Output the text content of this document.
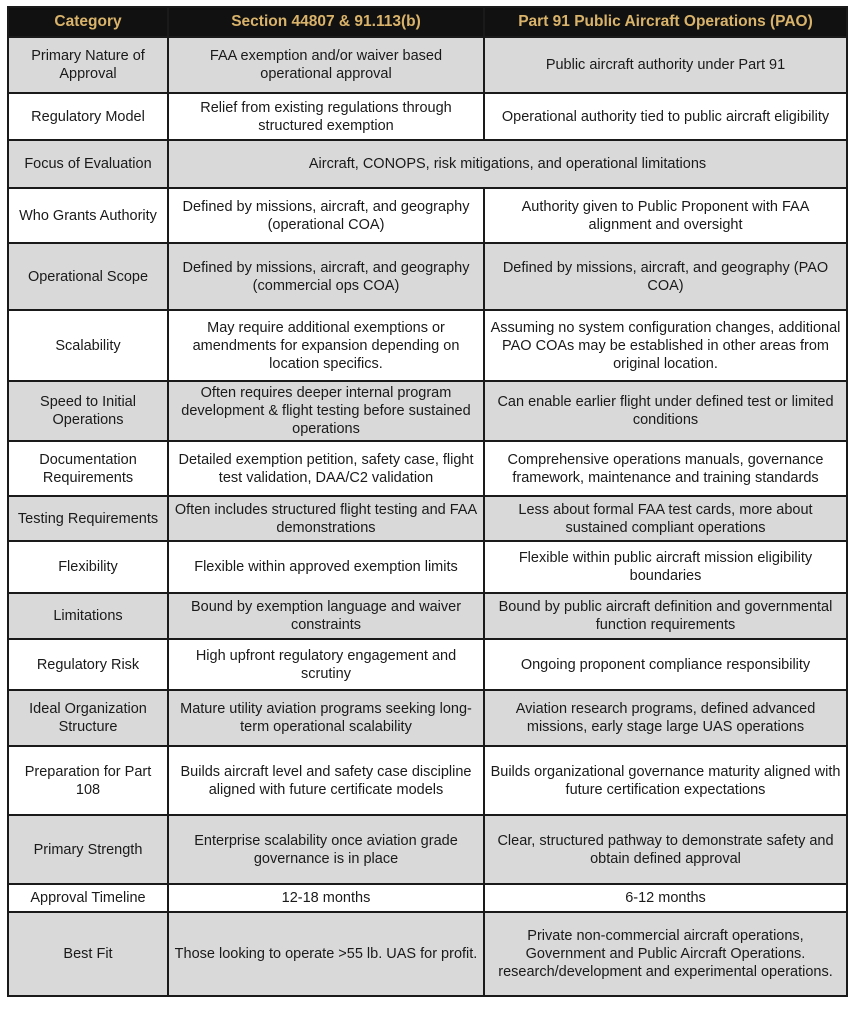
Category	Section 44807 & 91.113(b)	Part 91 Public Aircraft Operations (PAO)
Primary Nature of Approval	FAA exemption and/or waiver based operational approval	Public aircraft authority under Part 91
Regulatory Model	Relief from existing regulations through structured exemption	Operational authority tied to public aircraft eligibility
Focus of Evaluation	Aircraft, CONOPS, risk mitigations, and operational limitations	
Who Grants Authority	Defined by missions, aircraft, and geography (operational COA)	Authority given to Public Proponent with FAA alignment and oversight
Operational Scope	Defined by missions, aircraft, and geography (commercial ops COA)	Defined by missions, aircraft, and geography (PAO COA)
Scalability	May require additional exemptions or amendments for expansion depending on location specifics.	Assuming no system configuration changes, additional PAO COAs may be established in other areas from original location.
Speed to Initial Operations	Often requires deeper internal program development & flight testing before sustained operations	Can enable earlier flight under defined test or limited conditions
Documentation Requirements	Detailed exemption petition, safety case, flight test validation, DAA/C2 validation	Comprehensive operations manuals, governance framework, maintenance and training standards
Testing Requirements	Often includes structured flight testing and FAA demonstrations	Less about formal FAA test cards, more about sustained compliant operations
Flexibility	Flexible within approved exemption limits	Flexible within public aircraft mission eligibility boundaries
Limitations	Bound by exemption language and waiver constraints	Bound by public aircraft definition and governmental function requirements
Regulatory Risk	High upfront regulatory engagement and scrutiny	Ongoing proponent compliance responsibility
Ideal Organization Structure	Mature utility aviation programs seeking long-term operational scalability	Aviation research programs, defined advanced missions, early stage large UAS operations
Preparation for Part 108	Builds aircraft level and safety case discipline aligned with future certificate models	Builds organizational governance maturity aligned with future certification expectations
Primary Strength	Enterprise scalability once aviation grade governance is in place	Clear, structured pathway to demonstrate safety and obtain defined approval
Approval Timeline	12-18 months	6-12 months
Best Fit	Those looking to operate >55 lb. UAS for profit.	Private non-commercial aircraft operations, Government and Public Aircraft Operations. research/development and experimental operations.
